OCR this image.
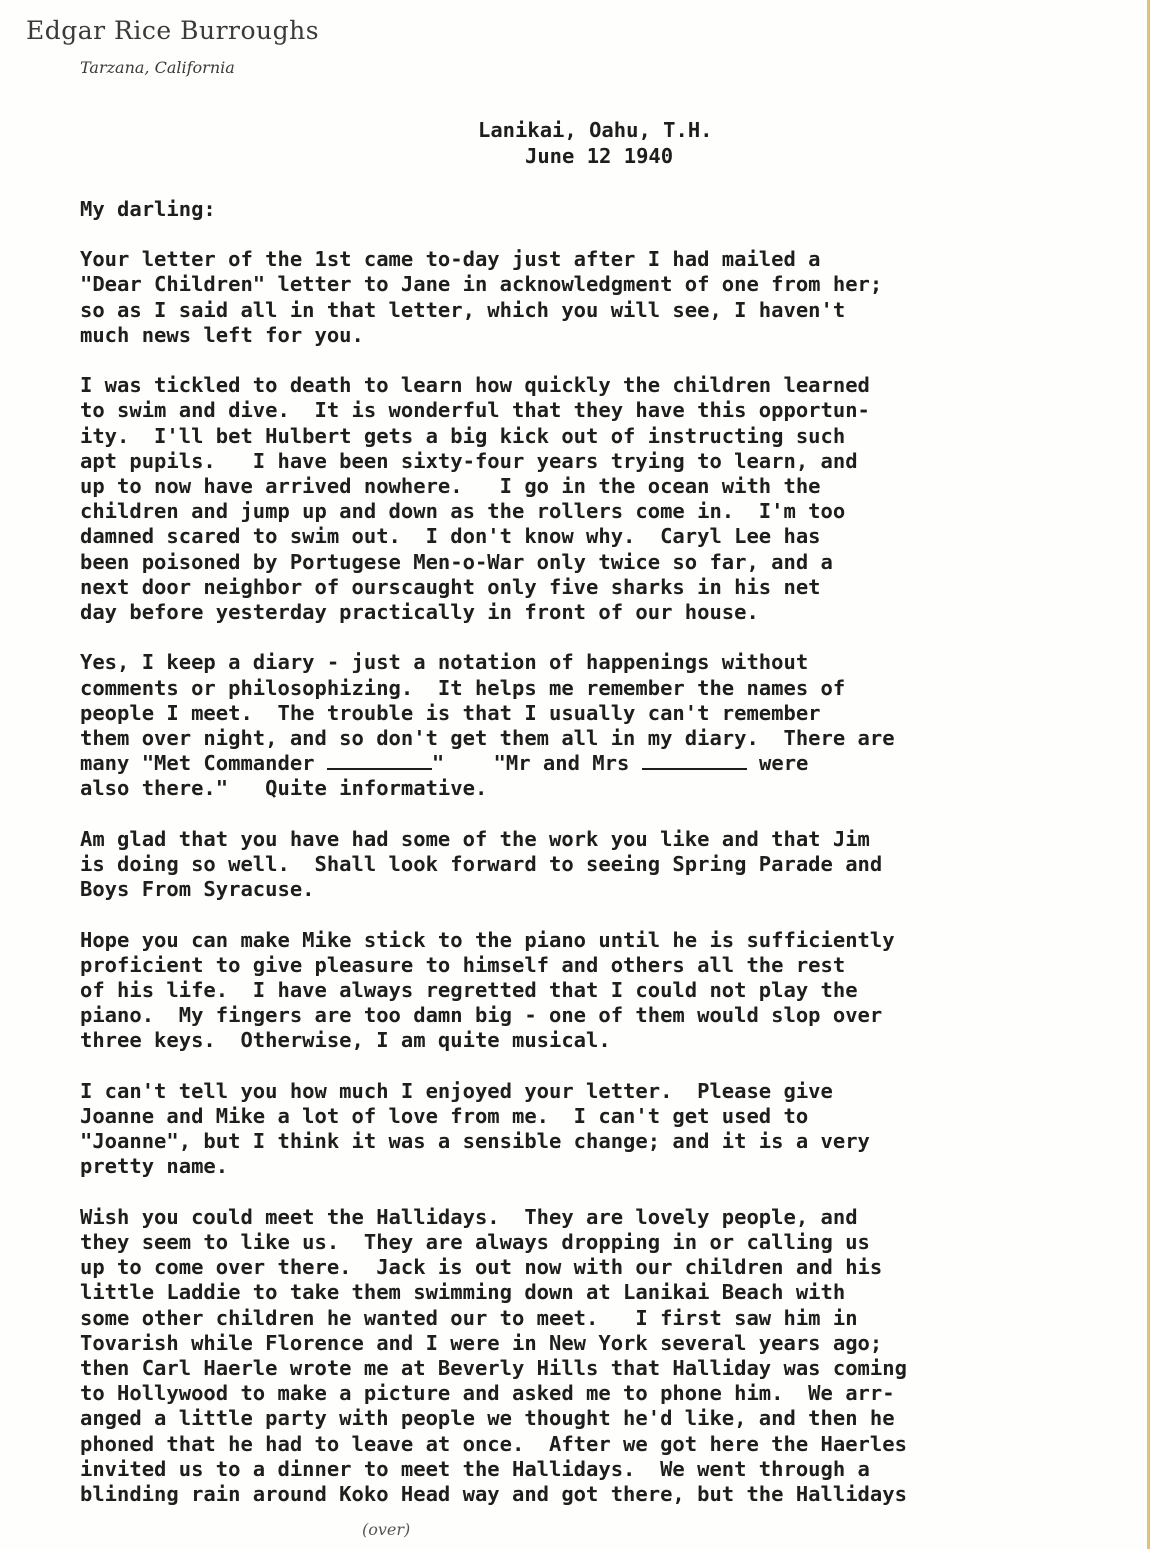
Edgar Rice Burroughs
Tarzana, California
Lanikai, Oahu, T.H.
June 12 1940
My darling:
Your letter of the 1st came to-day just after I had mailed a
"Dear Children" letter to Jane in acknowledgment of one from her;
so as I said all in that letter, which you will see, I haven't
much news left for you.
I was tickled to death to learn how quickly the children learned
to swim and dive.  It is wonderful that they have this opportun-
ity.  I'll bet Hulbert gets a big kick out of instructing such
apt pupils.   I have been sixty-four years trying to learn, and
up to now have arrived nowhere.   I go in the ocean with the
children and jump up and down as the rollers come in.  I'm too
damned scared to swim out.  I don't know why.  Caryl Lee has
been poisoned by Portugese Men-o-War only twice so far, and a
next door neighbor of ourscaught only five sharks in his net
day before yesterday practically in front of our house.
Yes, I keep a diary - just a notation of happenings without
comments or philosophizing.  It helps me remember the names of
people I meet.  The trouble is that I usually can't remember
them over night, and so don't get them all in my diary.  There are
many "Met Commander	"    "Mr and Mrs	were
also there."   Quite informative.
Am glad that you have had some of the work you like and that Jim
is doing so well.  Shall look forward to seeing Spring Parade and
Boys From Syracuse.
Hope you can make Mike stick to the piano until he is sufficiently
proficient to give pleasure to himself and others all the rest
of his life.  I have always regretted that I could not play the
piano.  My fingers are too damn big - one of them would slop over
three keys.  Otherwise, I am quite musical.
I can't tell you how much I enjoyed your letter.  Please give
Joanne and Mike a lot of love from me.  I can't get used to
"Joanne", but I think it was a sensible change; and it is a very
pretty name.
Wish you could meet the Hallidays.  They are lovely people, and
they seem to like us.  They are always dropping in or calling us
up to come over there.  Jack is out now with our children and his
little Laddie to take them swimming down at Lanikai Beach with
some other children he wanted our to meet.   I first saw him in
Tovarish while Florence and I were in New York several years ago;
then Carl Haerle wrote me at Beverly Hills that Halliday was coming
to Hollywood to make a picture and asked me to phone him.  We arr-
anged a little party with people we thought he'd like, and then he
phoned that he had to leave at once.  After we got here the Haerles
invited us to a dinner to meet the Hallidays.  We went through a
blinding rain around Koko Head way and got there, but the Hallidays
(over)
